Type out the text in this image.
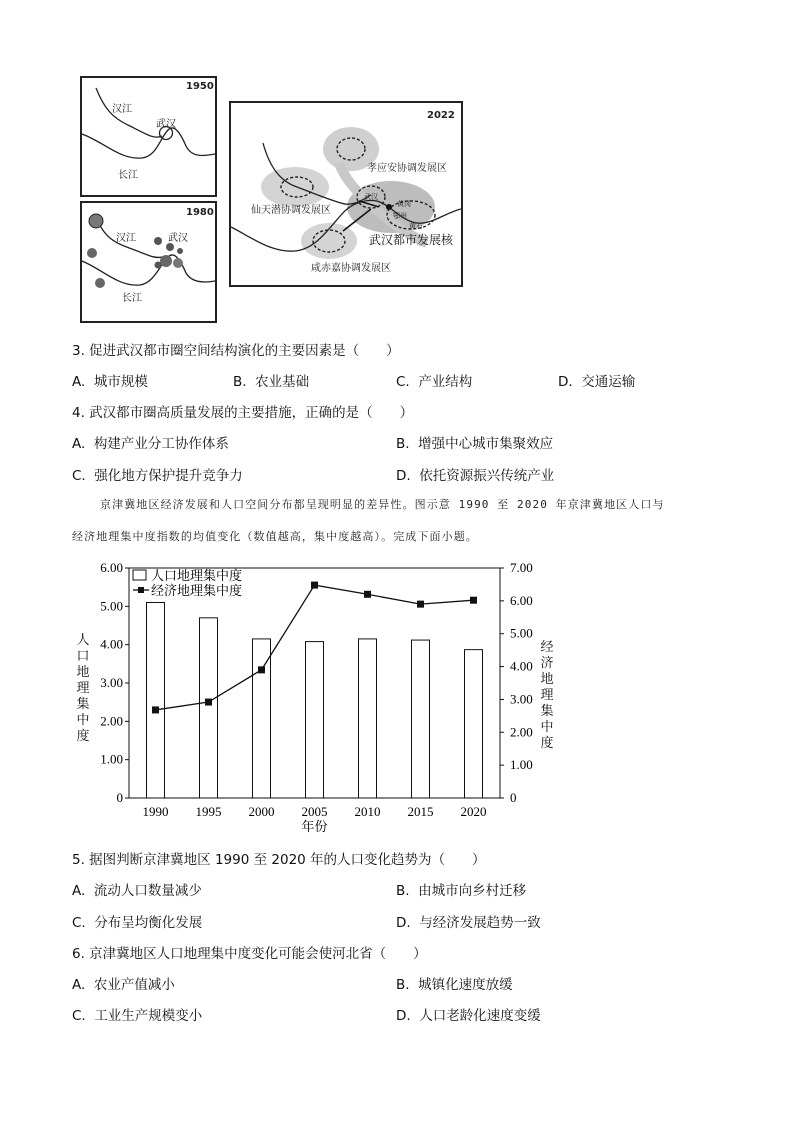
1950
汉江
武汉
长江
1980
汉江	武汉
长江
2022
孝应安协调发展区
仙天潜协调发展区
武汉
黄冈
鄂州
黄石
武汉都市发展核
咸赤嘉协调发展区
3. 促进武汉都市圈空间结构演化的主要因素是（　　）
A. 城市规模	B. 农业基础	C. 产业结构	D. 交通运输
4. 武汉都市圈高质量发展的主要措施，正确的是（　　）
A. 构建产业分工协作体系	B. 增强中心城市集聚效应
C. 强化地方保护提升竞争力	D. 依托资源振兴传统产业
京津冀地区经济发展和人口空间分布都呈现明显的差异性。图示意 1990 至 2020 年京津冀地区人口与
经济地理集中度指数的均值变化（数值越高，集中度越高）。完成下面小题。
0
1.00
2.00
3.00
4.00
5.00
6.00
0
1.00
2.00
3.00
4.00
5.00
6.00
7.00
1990 1995 2000 2005 2010 2015 2020
年份
人口地理集中度
经济地理集中度
人口地理集中度
经济地理集中度
5. 据图判断京津冀地区 1990 至 2020 年的人口变化趋势为（　　）
A. 流动人口数量减少	B. 由城市向乡村迁移
C. 分布呈均衡化发展	D. 与经济发展趋势一致
6. 京津冀地区人口地理集中度变化可能会使河北省（　　）
A. 农业产值减小	B. 城镇化速度放缓
C. 工业生产规模变小	D. 人口老龄化速度变缓
